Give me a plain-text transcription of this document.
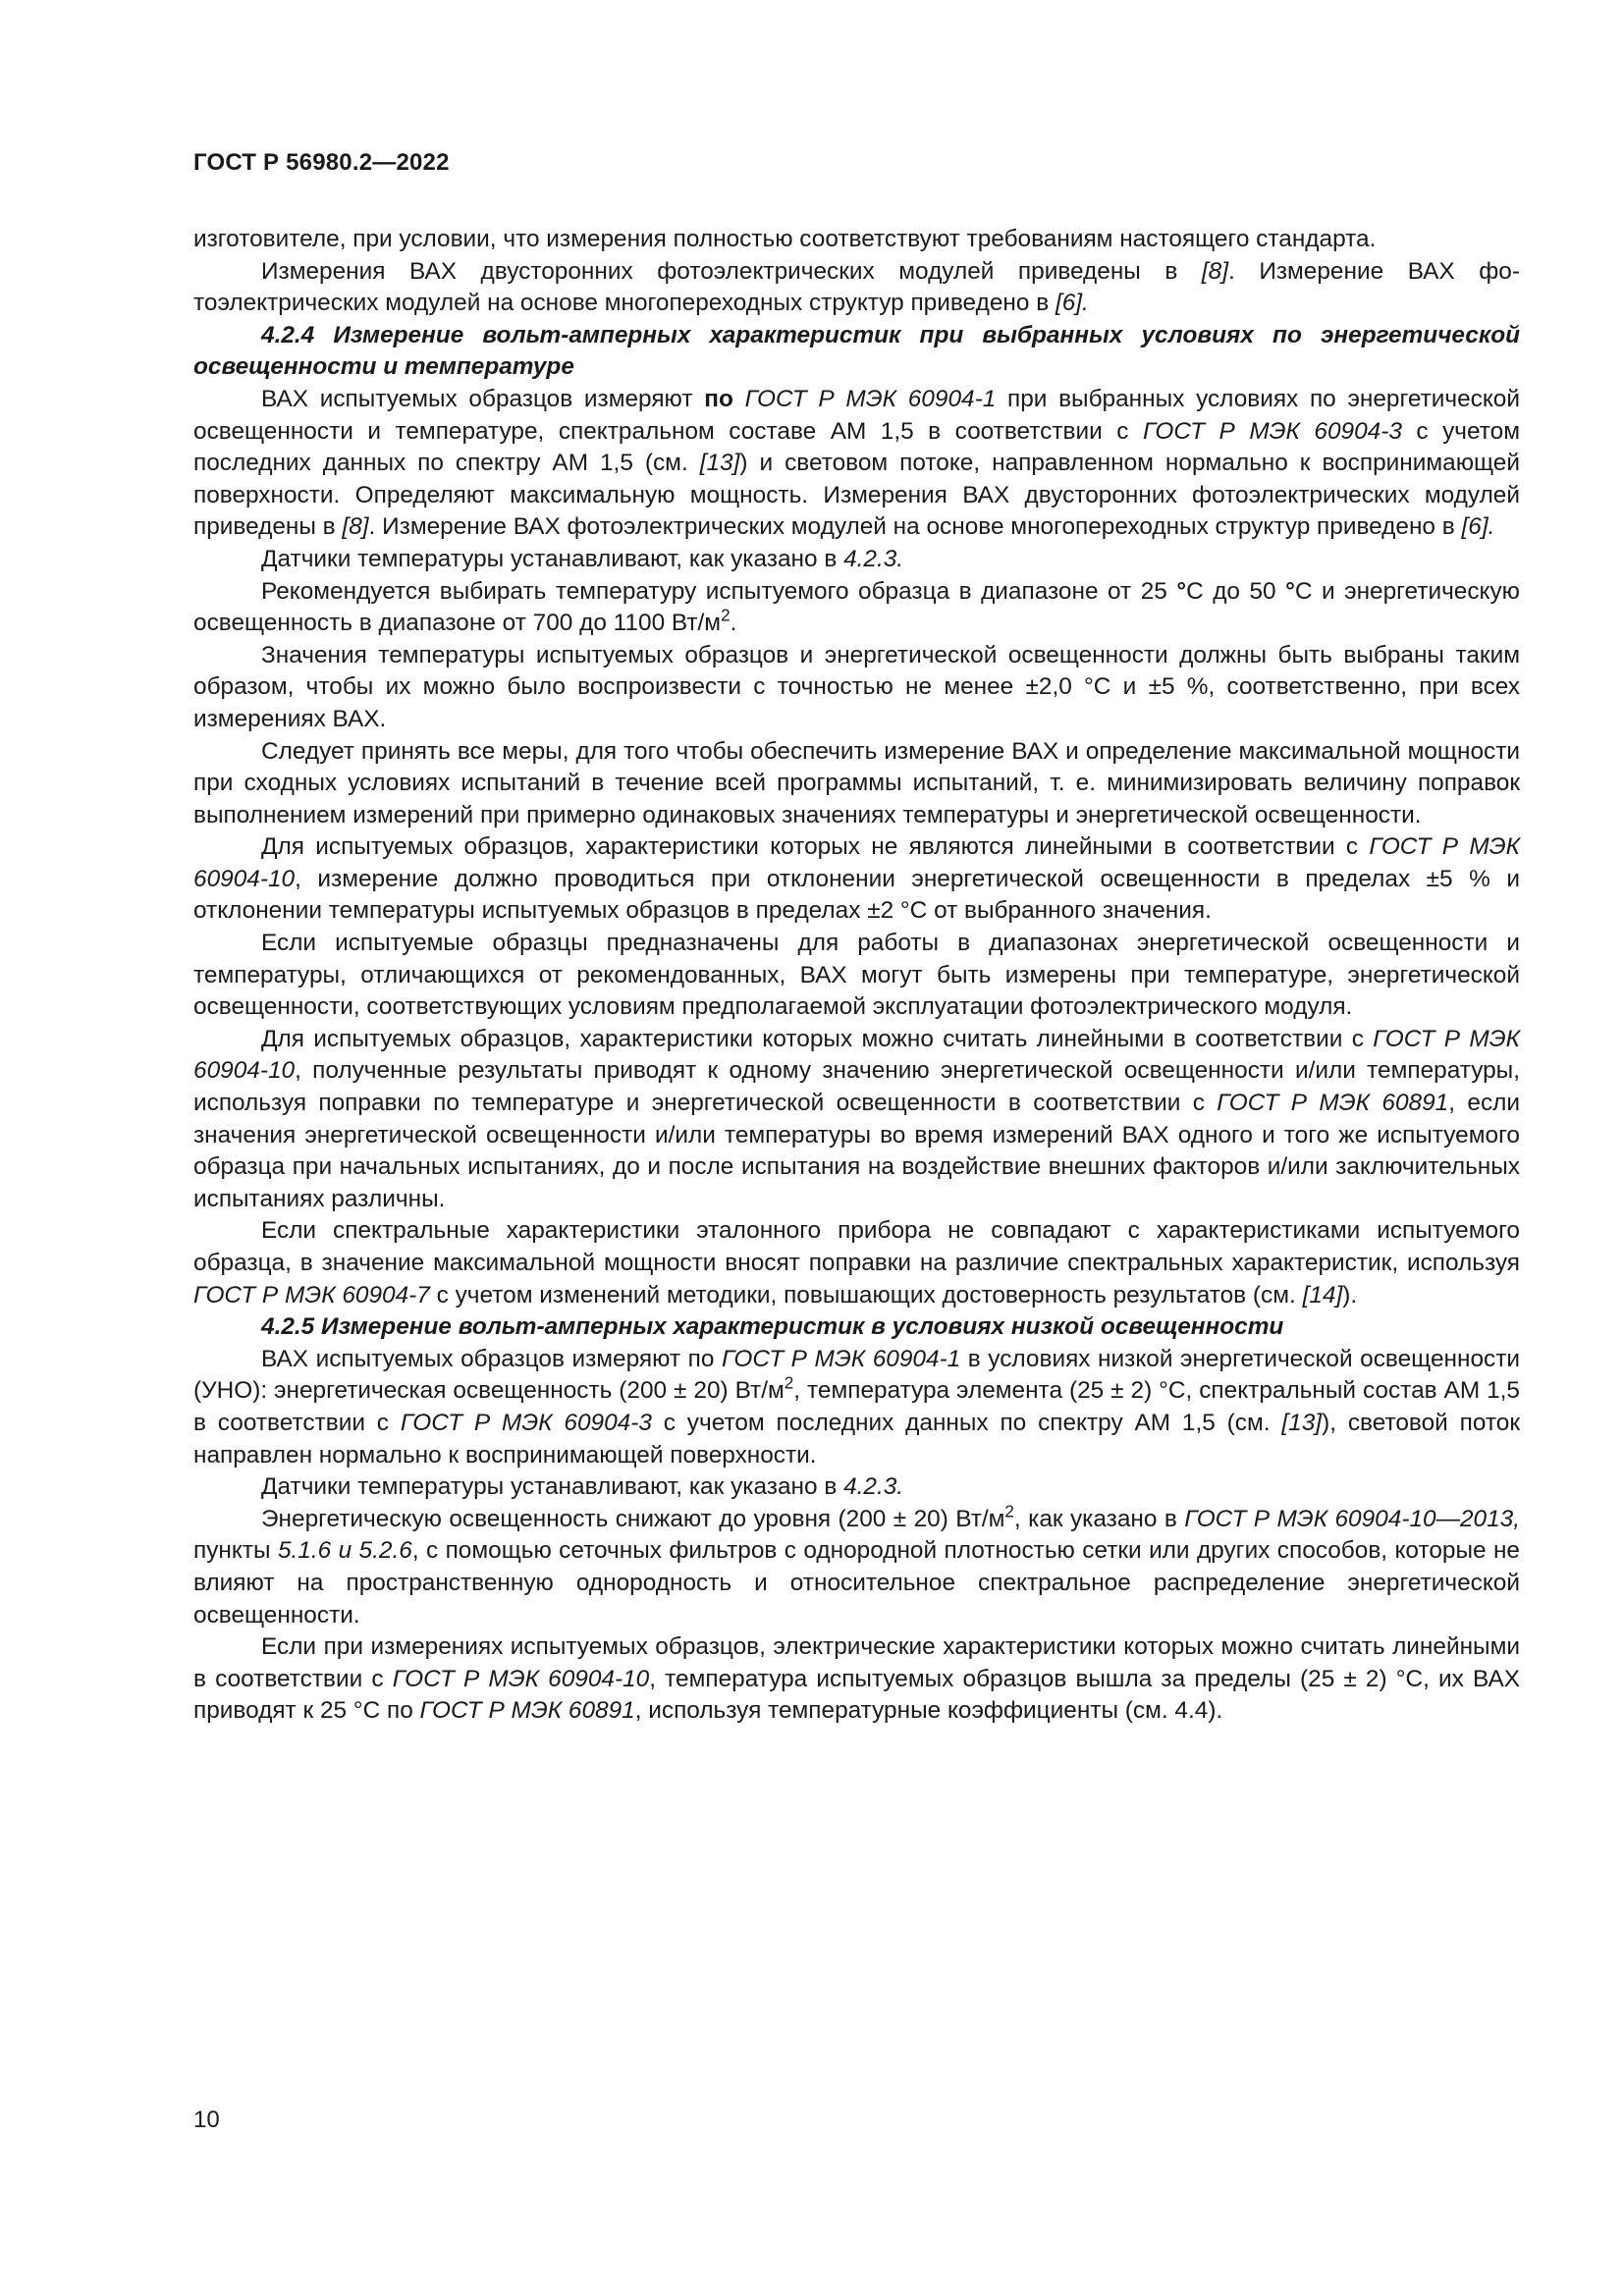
ГОСТ Р 56980.2—2022

изготовителе, при условии, что измерения полностью соответствуют требованиям настоящего стандарта.

Измерения ВАХ двусторонних фотоэлектрических модулей приведены в [8]. Измерение ВАХ фотоэлектрических модулей на основе многопереходных структур приведено в [6].

4.2.4 Измерение вольт-амперных характеристик при выбранных условиях по энергетической освещенности и температуре

ВАХ испытуемых образцов измеряют по ГОСТ Р МЭК 60904-1 при выбранных условиях по энергетической освещенности и температуре, спектральном составе АМ 1,5 в соответствии с ГОСТ Р МЭК 60904-3 с учетом последних данных по спектру АМ 1,5 (см. [13]) и световом потоке, направленном нормально к воспринимающей поверхности. Определяют максимальную мощность. Измерения ВАХ двусторонних фотоэлектрических модулей приведены в [8]. Измерение ВАХ фотоэлектрических модулей на основе многопереходных структур приведено в [6].

Датчики температуры устанавливают, как указано в 4.2.3.

Рекомендуется выбирать температуру испытуемого образца в диапазоне от 25 °С до 50 °С и энергетическую освещенность в диапазоне от 700 до 1100 $Вт/м^2$.

Значения температуры испытуемых образцов и энергетической освещенности должны быть выбраны таким образом, чтобы их можно было воспроизвести с точностью не менее ±2,0 °С и ±5 %, соответственно, при всех измерениях ВАХ.

Следует принять все меры, для того чтобы обеспечить измерение ВАХ и определение максимальной мощности при сходных условиях испытаний в течение всей программы испытаний, т. е. минимизировать величину поправок выполнением измерений при примерно одинаковых значениях температуры и энергетической освещенности.

Для испытуемых образцов, характеристики которых не являются линейными в соответствии с ГОСТ Р МЭК 60904-10, измерение должно проводиться при отклонении энергетической освещенности в пределах ±5 % и отклонении температуры испытуемых образцов в пределах ±2 °С от выбранного значения.

Если испытуемые образцы предназначены для работы в диапазонах энергетической освещенности и температуры, отличающихся от рекомендованных, ВАХ могут быть измерены при температуре, энергетической освещенности, соответствующих условиям предполагаемой эксплуатации фотоэлектрического модуля.

Для испытуемых образцов, характеристики которых можно считать линейными в соответствии с ГОСТ Р МЭК 60904-10, полученные результаты приводят к одному значению энергетической освещенности и/или температуры, используя поправки по температуре и энергетической освещенности в соответствии с ГОСТ Р МЭК 60891, если значения энергетической освещенности и/или температуры во время измерений ВАХ одного и того же испытуемого образца при начальных испытаниях, до и после испытания на воздействие внешних факторов и/или заключительных испытаниях различны.

Если спектральные характеристики эталонного прибора не совпадают с характеристиками испытуемого образца, в значение максимальной мощности вносят поправки на различие спектральных характеристик, используя ГОСТ Р МЭК 60904-7 с учетом изменений методики, повышающих достоверность результатов (см. [14]).

4.2.5 Измерение вольт-амперных характеристик в условиях низкой освещенности

ВАХ испытуемых образцов измеряют по ГОСТ Р МЭК 60904-1 в условиях низкой энергетической освещенности (УНО): энергетическая освещенность (200 ± 20) $Вт/м^2$, температура элемента (25 ± 2) °С, спектральный состав АМ 1,5 в соответствии с ГОСТ Р МЭК 60904-3 с учетом последних данных по спектру АМ 1,5 (см. [13]), световой поток направлен нормально к воспринимающей поверхности.

Датчики температуры устанавливают, как указано в 4.2.3.

Энергетическую освещенность снижают до уровня (200 ± 20) $Вт/м^2$, как указано в ГОСТ Р МЭК 60904-10—2013, пункты 5.1.6 и 5.2.6, с помощью сеточных фильтров с однородной плотностью сетки или других способов, которые не влияют на пространственную однородность и относительное спектральное распределение энергетической освещенности.

Если при измерениях испытуемых образцов, электрические характеристики которых можно считать линейными в соответствии с ГОСТ Р МЭК 60904-10, температура испытуемых образцов вышла за пределы (25 ± 2) °С, их ВАХ приводят к 25 °С по ГОСТ Р МЭК 60891, используя температурные коэффициенты (см. 4.4).

10
